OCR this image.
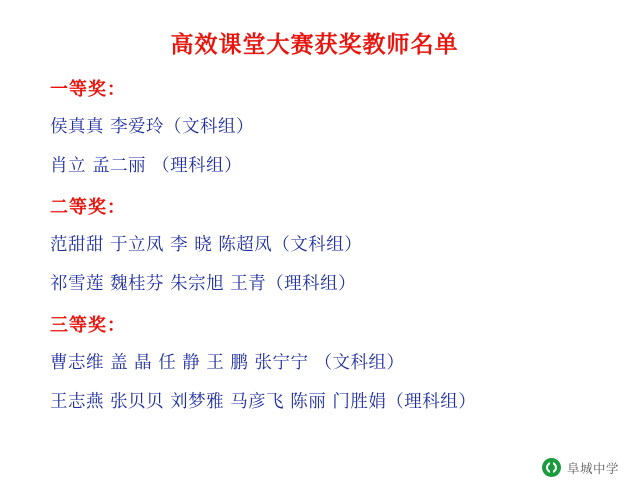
高效课堂大赛获奖教师名单
一等奖：
侯真真 李爱玲（文科组）
肖立 孟二丽 （理科组）
二等奖：
范甜甜 于立凤 李 晓 陈超凤（文科组）
祁雪莲 魏桂芬 朱宗旭 王青（理科组）
三等奖：
曹志维 盖 晶 任 静 王 鹏 张宁宁 （文科组）
王志燕 张贝贝 刘梦雅 马彦飞 陈丽 门胜娟（理科组）
阜城中学
